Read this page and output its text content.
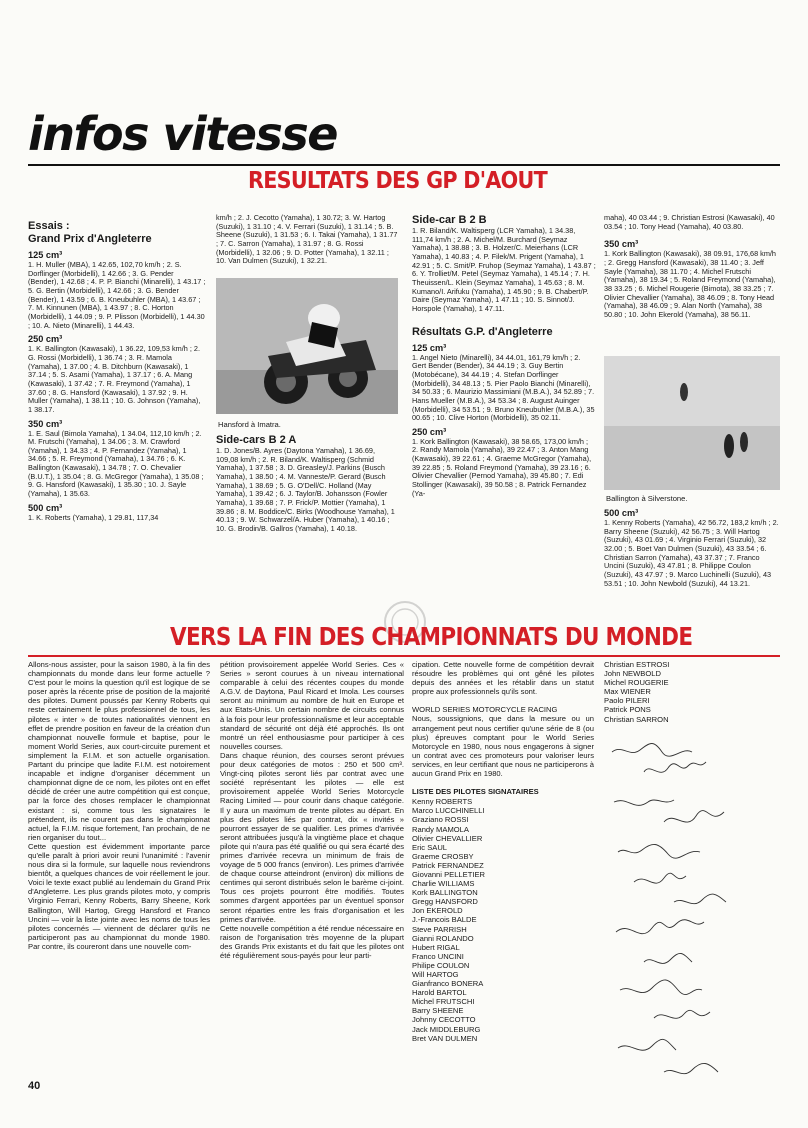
infos vitesse
RESULTATS DES GP D'AOUT
Essais :
Grand Prix d'Angleterre
125 cm³

1. H. Muller (MBA), 1 42.65, 102,70 km/h ; 2. S. Dorflinger (Morbidelli), 1 42.66 ; 3. G. Pender (Bender), 1 42.68 ; 4. P. P. Bianchi (Minarelli), 1 43.17 ; 5. G. Bertin (Morbidelli), 1 42.66 ; 3. G. Bender (Bender), 1 43.59 ; 6. B. Kneubuhler (MBA), 1 43.67 ; 7. M. Kinnunen (MBA), 1 43.97 ; 8. C. Horton (Morbidelli), 1 44.09 ; 9. P. Plisson (Morbidelli), 1 44.30 ; 10. A. Nieto (Minarelli), 1 44.43.

250 cm³

1. K. Ballington (Kawasaki), 1 36.22, 109,53 km/h ; 2. G. Rossi (Morbidelli), 1 36.74 ; 3. R. Mamola (Yamaha), 1 37.00 ; 4. B. Ditchburn (Kawasaki), 1 37.14 ; 5. S. Asami (Yamaha), 1 37.17 ; 6. A. Mang (Kawasaki), 1 37.42 ; 7. R. Freymond (Yamaha), 1 37.60 ; 8. G. Hansford (Kawasaki), 1 37.92 ; 9. H. Muller (Yamaha), 1 38.11 ; 10. G. Johnson (Yamaha), 1 38.17.

350 cm³

1. E. Saul (Bimola Yamaha), 1 34.04, 112,10 km/h ; 2. M. Frutschi (Yamaha), 1 34.06 ; 3. M. Crawford (Yamaha), 1 34.33 ; 4. P. Fernandez (Yamaha), 1 34.66 ; 5. R. Freymond (Yamaha), 1 34.76 ; 6. K. Ballington (Kawasaki), 1 34.78 ; 7. O. Chevalier (B.U.T.), 1 35.04 ; 8. G. McGregor (Yamaha), 1 35.08 ; 9. G. Hansford (Kawasaki), 1 35.30 ; 10. J. Sayle (Yamaha), 1 35.63.

500 cm³

1. K. Roberts (Yamaha), 1 29.81, 117,34

km/h ; 2. J. Cecotto (Yamaha), 1 30.72; 3. W. Hartog (Suzuki), 1 31.10 ; 4. V. Ferrari (Suzuki), 1 31.14 ; 5. B. Sheene (Suzuki), 1 31.53 ; 6. I. Takai (Yamaha), 1 31.77 ; 7. C. Sarron (Yamaha), 1 31.97 ; 8. G. Rossi (Morbidelli), 1 32.06 ; 9. D. Potter (Yamaha), 1 32.11 ; 10. Van Dulmen (Suzuki), 1 32.21.

Hansford à Imatra.
Side-cars B 2 A

1. D. Jones/B. Ayres (Daytona Yamaha), 1 36.69, 109,08 km/h ; 2. R. Biland/K. Waltisperg (Schmid Yamaha), 1 37.58 ; 3. D. Greasley/J. Parkins (Busch Yamaha), 1 38.50 ; 4. M. Vanneste/P. Gerard (Busch Yamaha), 1 38.69 ; 5. G. O'Dell/C. Holland (May Yamaha), 1 39.42 ; 6. J. Taylor/B. Johansson (Fowler Yamaha), 1 39.68 ; 7. P. Frick/P. Mottier (Yamaha), 1 39.86 ; 8. M. Boddice/C. Birks (Woodhouse Yamaha), 1 40.13 ; 9. W. Schwarzel/A. Huber (Yamaha), 1 40.16 ; 10. G. Brodin/B. Gallros (Yamaha), 1 40.18.

Side-car B 2 B

1. R. Biland/K. Waltisperg (LCR Yamaha), 1 34.38, 111,74 km/h ; 2. A. Michel/M. Burchard (Seymaz Yamaha), 1 38.88 ; 3. B. Holzer/C. Meierhans (LCR Yamaha), 1 40.83 ; 4. P. Filek/M. Prigent (Yamaha), 1 42.91 ; 5. C. Smit/P. Fruhop (Seymaz Yamaha), 1 43.87 ; 6. Y. Trolliet/M. Petel (Seymaz Yamaha), 1 45.14 ; 7. H. Theuissen/L. Klein (Seymaz Yamaha), 1 45.63 ; 8. M. Kumano/I. Arifuku (Yamaha), 1 45.90 ; 9. B. Chabert/P. Daire (Seymaz Yamaha), 1 47.11 ; 10. S. Sinnot/J. Horspole (Yamaha), 1 47.11.

Résultats G.P. d'Angleterre
125 cm³

1. Angel Nieto (Minarelli), 34 44.01, 161,79 km/h ; 2. Gert Bender (Bender), 34 44.19 ; 3. Guy Bertin (Motobécane), 34 44.19 ; 4. Stefan Dorflinger (Morbidelli), 34 48.13 ; 5. Pier Paolo Bianchi (Minarelli), 34 50.33 ; 6. Maurizio Massimiani (M.B.A.), 34 52.89 ; 7. Hans Mueller (M.B.A.), 34 53.34 ; 8. August Auinger (Morbidelli), 34 53.51 ; 9. Bruno Kneubuhler (M.B.A.), 35 00.65 ; 10. Clive Horton (Morbidelli), 35 02.11.

250 cm³

1. Kork Ballington (Kawasaki), 38 58.65, 173,00 km/h ; 2. Randy Mamola (Yamaha), 39 22.47 ; 3. Anton Mang (Kawasaki), 39 22.61 ; 4. Graeme McGregor (Yamaha), 39 22.85 ; 5. Roland Freymond (Yamaha), 39 23.16 ; 6. Olivier Chevallier (Pernod Yamaha), 39 45.80 ; 7. Edi Stollinger (Kawasaki), 39 50.58 ; 8. Patrick Fernandez (Ya-

maha), 40 03.44 ; 9. Christian Estrosi (Kawasaki), 40 03.54 ; 10. Tony Head (Yamaha), 40 03.80.

350 cm³

1. Kork Ballington (Kawasaki), 38 09.91, 176,68 km/h ; 2. Gregg Hansford (Kawasaki), 38 11.40 ; 3. Jeff Sayle (Yamaha), 38 11.70 ; 4. Michel Frutschi (Yamaha), 38 19.34 ; 5. Roland Freymond (Yamaha), 38 33.25 ; 6. Michel Rougerie (Bimota), 38 33.25 ; 7. Olivier Chevallier (Yamaha), 38 46.09 ; 8. Tony Head (Yamaha), 38 46.09 ; 9. Alan North (Yamaha), 38 50.80 ; 10. John Ekerold (Yamaha), 38 56.11.

Ballington à Silverstone.
500 cm³

1. Kenny Roberts (Yamaha), 42 56.72, 183,2 km/h ; 2. Barry Sheene (Suzuki), 42 56.75 ; 3. Will Hartog (Suzuki), 43 01.69 ; 4. Virginio Ferrari (Suzuki), 32 32.00 ; 5. Boet Van Dulmen (Suzuki), 43 33.54 ; 6. Christian Sarron (Yamaha), 43 37.37 ; 7. Franco Uncini (Suzuki), 43 47.81 ; 8. Philippe Coulon (Suzuki), 43 47.97 ; 9. Marco Luchinelli (Suzuki), 43 53.51 ; 10. John Newbold (Suzuki), 44 13.21.

VERS LA FIN DES CHAMPIONNATS DU MONDE

Allons-nous assister, pour la saison 1980, à la fin des championnats du monde dans leur forme actuelle ? C'est pour le moins la question qu'il est logique de se poser après la récente prise de position de la majorité des pilotes. Dument poussés par Kenny Roberts qui reste certainement le plus professionnel de tous, les pilotes « inter » de toutes nationalités viennent en effet de prendre position en faveur de la création d'un championnat nouvelle formule et baptise, pour le moment World Series, aux court-circuite purement et simplement la F.I.M. et son actuelle organisation. Partant du principe que ladite F.I.M. est notoirement incapable et indigne d'organiser décemment un championnat digne de ce nom, les pilotes ont en effet décidé de créer une autre compétition qui est conçue, par la force des choses remplacer le championnat existant : si, comme tous les signataires le prétendent, ils ne courent pas dans le championnat actuel, la F.I.M. risque fortement, l'an prochain, de ne rien organiser du tout...

Cette question est évidemment importante parce qu'elle paraît à priori avoir reuni l'unanimité : l'avenir nous dira si la formule, sur laquelle nous reviendrons bientôt, a quelques chances de voir réellement le jour. Voici le texte exact publié au lendemain du Grand Prix d'Angleterre. Les plus grands pilotes moto, y compris Virginio Ferrari, Kenny Roberts, Barry Sheene, Kork Ballington, Will Hartog, Gregg Hansford et Franco Uncini — voir la liste jointe avec les noms de tous les pilotes concernés — viennent de déclarer qu'ils ne participeront pas au championnat du monde 1980. Par contre, ils coureront dans une nouvelle com-

pétition provisoirement appelée World Series. Ces « Series » seront courues à un niveau international comparable à celui des récentes coupes du monde A.G.V. de Daytona, Paul Ricard et Imola. Les courses seront au minimum au nombre de huit en Europe et aux Etats-Unis. Un certain nombre de circuits connus à la fois pour leur professionnalisme et leur acceptable standard de sécurité ont déjà été approchés. Ils ont montré un réel enthousiasme pour participer à ces nouvelles courses.

Dans chaque réunion, des courses seront prévues pour deux catégories de motos : 250 et 500 cm³. Vingt-cinq pilotes seront liés par contrat avec une société représentant les pilotes — elle est provisoirement appelée World Series Motorcycle Racing Limited — pour courir dans chaque catégorie. Il y aura un maximum de trente pilotes au départ. En plus des pilotes liés par contrat, dix « invités » pourront essayer de se qualifier. Les primes d'arrivée seront attribuées jusqu'à la vingtième place et chaque pilote qui n'aura pas été qualifié ou qui sera écarté des primes d'arrivée recevra un minimum de frais de voyage de 5 000 francs (environ). Les primes d'arrivée de chaque course atteindront (environ) dix millions de centimes qui seront distribués selon le barème ci-joint. Tous ces projets pourront être modifiés. Toutes sommes d'argent apportées par un éventuel sponsor seront réparties entre les frais d'organisation et les primes d'arrivée.

Cette nouvelle compétition a été rendue nécessaire en raison de l'organisation très moyenne de la plupart des Grands Prix existants et du fait que les pilotes ont été régulièrement sous-payés pour leur parti-

cipation. Cette nouvelle forme de compétition devrait résoudre les problèmes qui ont gêné les pilotes depuis des années et les rétablir dans un statut propre aux professionnels qu'ils sont.

WORLD SERIES MOTORCYCLE RACING

Nous, soussignions, que dans la mesure ou un arrangement peut nous certifier qu'une série de 8 (ou plus) épreuves comptant pour le World Series Motorcycle en 1980, nous nous engagerons à signer un contrat avec ces promoteurs pour valoriser leurs services, en leur certifiant que nous ne participerons à aucun Grand Prix en 1980.

LISTE DES PILOTES SIGNATAIRES
Kenny ROBERTS
Marco LUCCHINELLI
Graziano ROSSI
Randy MAMOLA
Olivier CHEVALLIER
Eric SAUL
Graeme CROSBY
Patrick FERNANDEZ
Giovanni PELLETIER
Charlie WILLIAMS
Kork BALLINGTON
Gregg HANSFORD
Jon EKEROLD
J.-Francois BALDE
Steve PARRISH
Gianni ROLANDO
Hubert RIGAL
Franco UNCINI
Philipe COULON
Will HARTOG
Gianfranco BONERA
Harold BARTOL
Michel FRUTSCHI
Barry SHEENE
Johnny CECOTTO
Jack MIDDLEBURG
Bret VAN DULMEN
Christian ESTROSI
John NEWBOLD
Michel ROUGERIE
Max WIENER
Paolo PILERI
Patrick PONS
Christian SARRON
40
